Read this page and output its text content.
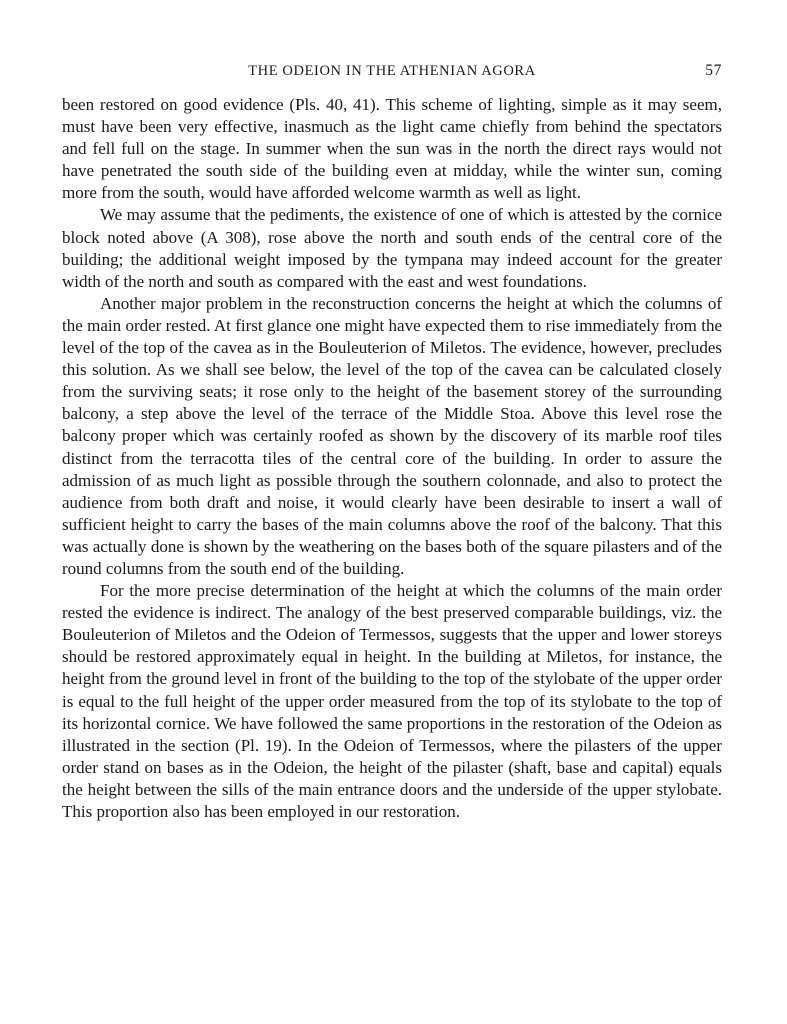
THE ODEION IN THE ATHENIAN AGORA	57

been restored on good evidence (Pls. 40, 41). This scheme of lighting, simple as it may seem, must have been very effective, inasmuch as the light came chiefly from behind the spectators and fell full on the stage. In summer when the sun was in the north the direct rays would not have penetrated the south side of the building even at midday, while the winter sun, coming more from the south, would have afforded welcome warmth as well as light.

We may assume that the pediments, the existence of one of which is attested by the cornice block noted above (A 308), rose above the north and south ends of the central core of the building; the additional weight imposed by the tympana may indeed account for the greater width of the north and south as compared with the east and west foundations.

Another major problem in the reconstruction concerns the height at which the columns of the main order rested. At first glance one might have expected them to rise immediately from the level of the top of the cavea as in the Bouleuterion of Miletos. The evidence, however, precludes this solution. As we shall see below, the level of the top of the cavea can be calculated closely from the surviving seats; it rose only to the height of the basement storey of the surrounding balcony, a step above the level of the terrace of the Middle Stoa. Above this level rose the balcony proper which was certainly roofed as shown by the discovery of its marble roof tiles distinct from the terracotta tiles of the central core of the building. In order to assure the admission of as much light as possible through the southern colonnade, and also to protect the audience from both draft and noise, it would clearly have been desirable to insert a wall of sufficient height to carry the bases of the main columns above the roof of the balcony. That this was actually done is shown by the weathering on the bases both of the square pilasters and of the round columns from the south end of the building.

For the more precise determination of the height at which the columns of the main order rested the evidence is indirect. The analogy of the best preserved comparable buildings, viz. the Bouleuterion of Miletos and the Odeion of Termessos, suggests that the upper and lower storeys should be restored approximately equal in height. In the building at Miletos, for instance, the height from the ground level in front of the building to the top of the stylobate of the upper order is equal to the full height of the upper order measured from the top of its stylobate to the top of its horizontal cornice. We have followed the same proportions in the restoration of the Odeion as illustrated in the section (Pl. 19). In the Odeion of Termessos, where the pilasters of the upper order stand on bases as in the Odeion, the height of the pilaster (shaft, base and capital) equals the height between the sills of the main entrance doors and the underside of the upper stylobate. This proportion also has been employed in our restoration.
